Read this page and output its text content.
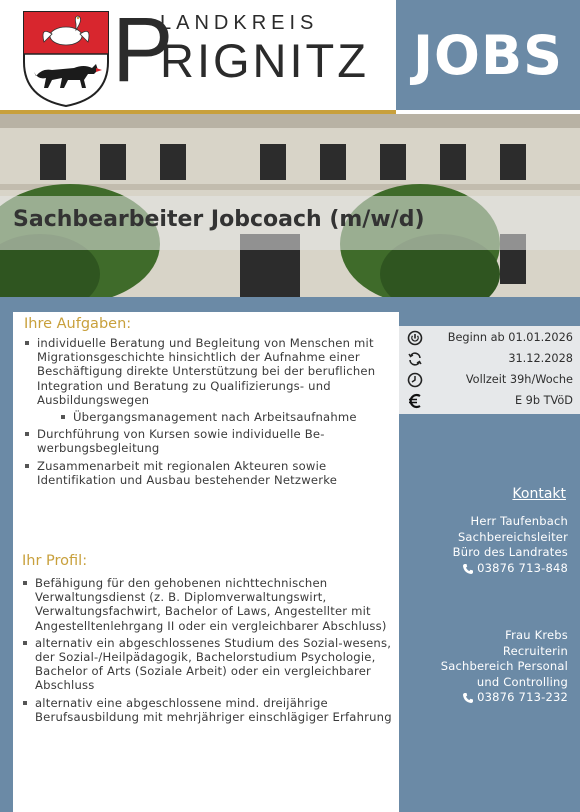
LANDKREIS
P
RIGNITZ JOBS
Sachbearbeiter Jobcoach (m/w/d)
Ihre Aufgaben:
individuelle Beratung und Begleitung von Menschen mit Migrationsgeschichte hinsichtlich der Aufnahme einer Beschäftigung direkte Unterstützung bei der beruflichen Integration und Beratung zu Qualifizierungs- und Ausbildungswegen
Übergangsmanagement nach Arbeitsaufnahme
Durchführung von Kursen sowie individuelle Be-werbungsbegleitung
Zusammenarbeit mit regionalen Akteuren sowie Identifikation und Ausbau bestehender Netzwerke
Ihr Profil:
Befähigung für den gehobenen nichttechnischen Verwaltungsdienst (z. B. Diplomverwaltungswirt, Verwaltungsfachwirt, Bachelor of Laws, Angestellter mit Angestelltenlehrgang II oder ein vergleichbarer Abschluss)
alternativ ein abgeschlossenes Studium des Sozial-wesens, der Sozial-/Heilpädagogik, Bachelorstudium Psychologie, Bachelor of Arts (Soziale Arbeit) oder ein vergleichbarer Abschluss
alternativ eine abgeschlossene mind. dreijährige Berufsausbildung mit mehrjähriger einschlägiger Erfahrung
Beginn ab 01.01.2026
31.12.2028
Vollzeit 39h/Woche
E 9b TVöD
Kontakt
Herr Taufenbach
Sachbereichsleiter
Büro des Landrates
03876 713-848
Frau Krebs
Recruiterin
Sachbereich Personal
und Controlling
03876 713-232
